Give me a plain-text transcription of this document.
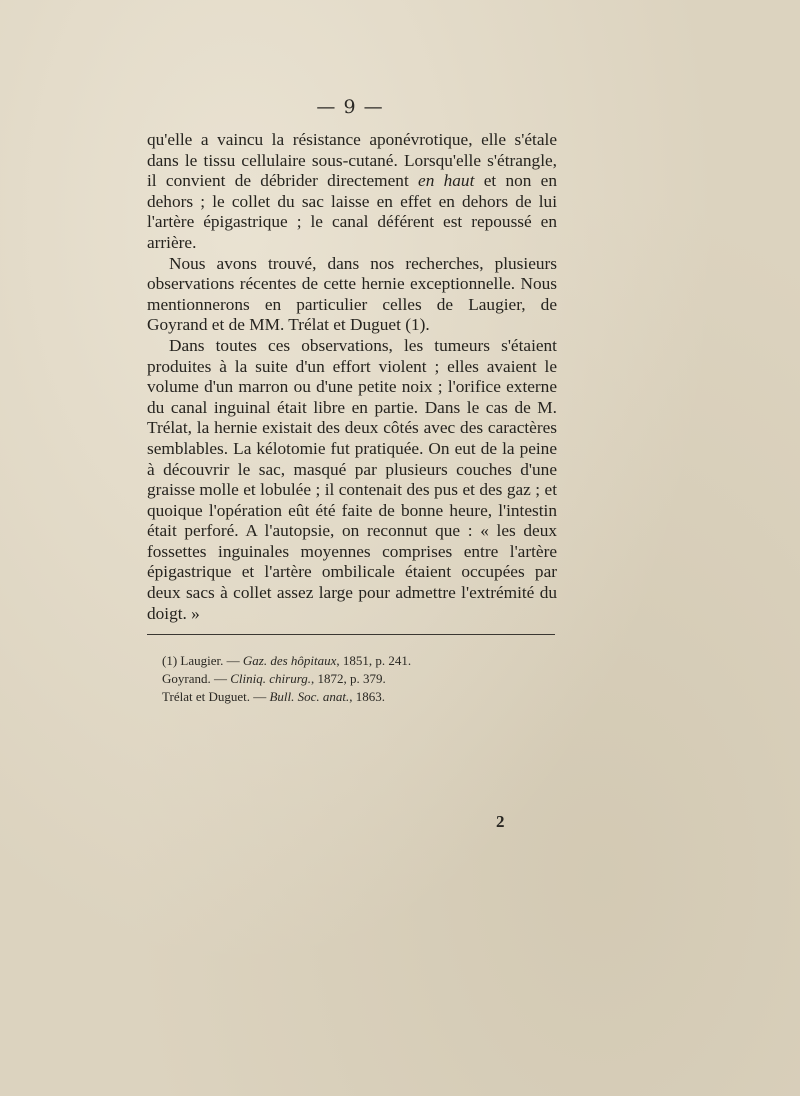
— 9 —

qu'elle a vaincu la résistance aponévrotique, elle s'étale dans le tissu cellulaire sous-cutané. Lorsqu'elle s'étrangle, il convient de débrider directement en haut et non en dehors ; le collet du sac laisse en effet en dehors de lui l'artère épigastrique ; le canal déférent est repoussé en arrière.

Nous avons trouvé, dans nos recherches, plusieurs observations récentes de cette hernie exceptionnelle. Nous mentionnerons en particulier celles de Laugier, de Goyrand et de MM. Trélat et Duguet (1).

Dans toutes ces observations, les tumeurs s'étaient produites à la suite d'un effort violent ; elles avaient le volume d'un marron ou d'une petite noix ; l'orifice externe du canal inguinal était libre en partie. Dans le cas de M. Trélat, la hernie existait des deux côtés avec des caractères semblables. La kélotomie fut pratiquée. On eut de la peine à découvrir le sac, masqué par plusieurs couches d'une graisse molle et lobulée ; il contenait des pus et des gaz ; et quoique l'opération eût été faite de bonne heure, l'intestin était perforé. A l'autopsie, on reconnut que : « les deux fossettes inguinales moyennes comprises entre l'artère épigastrique et l'artère ombilicale étaient occupées par deux sacs à collet assez large pour admettre l'extrémité du doigt. »

(1) Laugier. — Gaz. des hôpitaux, 1851, p. 241.
Goyrand. — Cliniq. chirurg., 1872, p. 379.
Trélat et Duguet. — Bull. Soc. anat., 1863.
2
